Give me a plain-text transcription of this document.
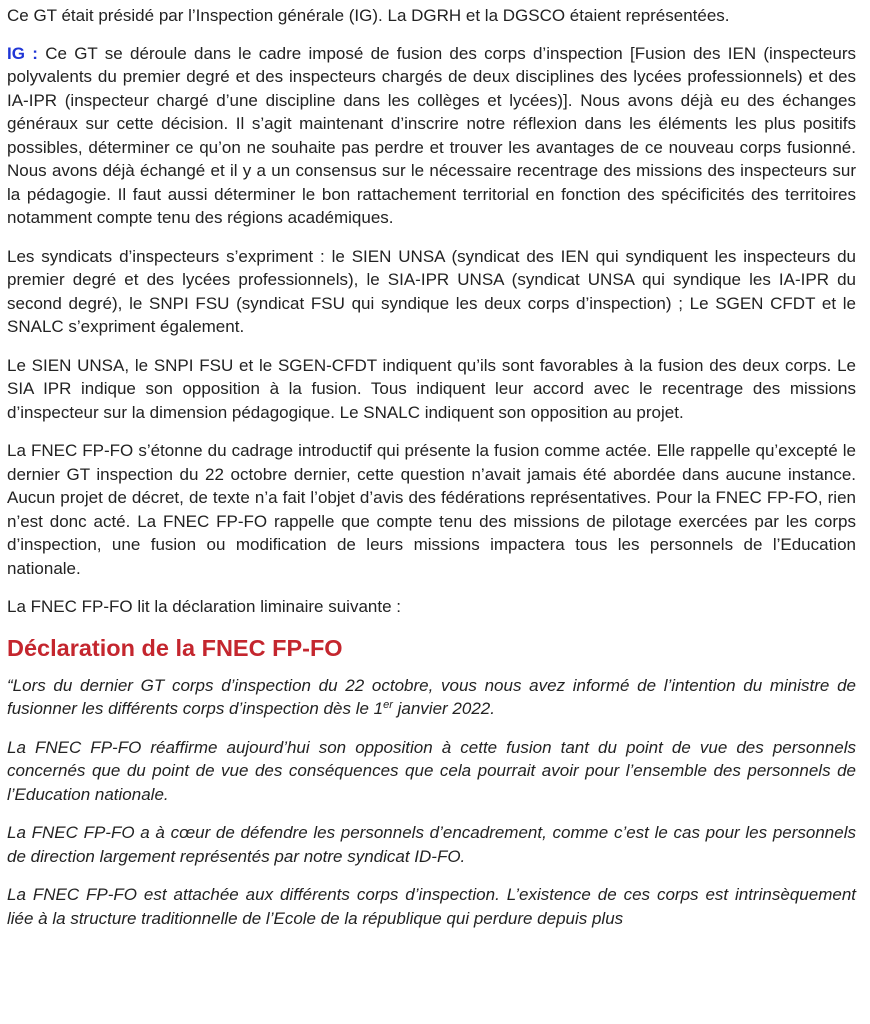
Ce GT était présidé par l’Inspection générale (IG). La DGRH et la DGSCO étaient représentées.

IG : Ce GT se déroule dans le cadre imposé de fusion des corps d’inspection [Fusion des IEN (inspecteurs polyvalents du premier degré et des inspecteurs chargés de deux disciplines des lycées professionnels) et des IA-IPR (inspecteur chargé d’une discipline dans les collèges et lycées)]. Nous avons déjà eu des échanges généraux sur cette décision. Il s’agit maintenant d’inscrire notre réflexion dans les éléments les plus positifs possibles, déterminer ce qu’on ne souhaite pas perdre et trouver les avantages de ce nouveau corps fusionné. Nous avons déjà échangé et il y a un consensus sur le nécessaire recentrage des missions des inspecteurs sur la pédagogie. Il faut aussi déterminer le bon rattachement territorial en fonction des spécificités des territoires notamment compte tenu des régions académiques.

Les syndicats d’inspecteurs s’expriment : le SIEN UNSA (syndicat des IEN qui syndiquent les inspecteurs du premier degré et des lycées professionnels), le SIA-IPR UNSA (syndicat UNSA qui syndique les IA-IPR du second degré), le SNPI FSU (syndicat FSU qui syndique les deux corps d’inspection) ; Le SGEN CFDT et le SNALC s’expriment également.

Le SIEN UNSA, le SNPI FSU et le SGEN-CFDT indiquent qu’ils sont favorables à la fusion des deux corps. Le SIA IPR indique son opposition à la fusion. Tous indiquent leur accord avec le recentrage des missions d’inspecteur sur la dimension pédagogique. Le SNALC indiquent son opposition au projet.

La FNEC FP-FO s’étonne du cadrage introductif qui présente la fusion comme actée. Elle rappelle qu’excepté le dernier GT inspection du 22 octobre dernier, cette question n’avait jamais été abordée dans aucune instance. Aucun projet de décret, de texte n’a fait l’objet d’avis des fédérations représentatives. Pour la FNEC FP-FO, rien n’est donc acté. La FNEC FP-FO rappelle que compte tenu des missions de pilotage exercées par les corps d’inspection, une fusion ou modification de leurs missions impactera tous les personnels de l’Education nationale.

La FNEC FP-FO lit la déclaration liminaire suivante :

Déclaration de la FNEC FP-FO

“Lors du dernier GT corps d’inspection du 22 octobre, vous nous avez informé de l’intention du ministre de fusionner les différents corps d’inspection dès le 1er janvier 2022.

La FNEC FP-FO réaffirme aujourd’hui son opposition à cette fusion tant du point de vue des personnels concernés que du point de vue des conséquences que cela pourrait avoir pour l’ensemble des personnels de l’Education nationale.

La FNEC FP-FO a à cœur de défendre les personnels d’encadrement, comme c’est le cas pour les personnels de direction largement représentés par notre syndicat ID-FO.

La FNEC FP-FO est attachée aux différents corps d’inspection. L’existence de ces corps est intrinsèquement liée à la structure traditionnelle de l’Ecole de la république qui perdure depuis plus
